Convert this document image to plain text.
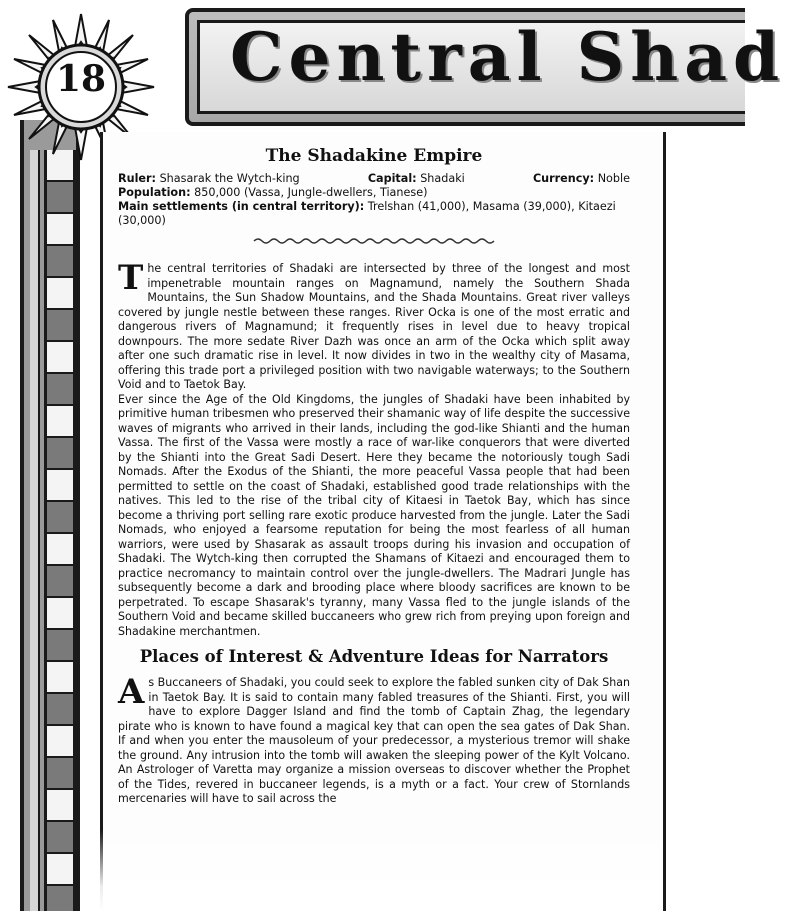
Central Shad
18
The Shadakine Empire
Ruler: Shasarak the Wytch-king	Capital: Shadaki	Currency: Noble
Population: 850,000 (Vassa, Jungle-dwellers, Tianese)
Main settlements (in central territory): Trelshan (41,000), Masama (39,000), Kitaezi (30,000)

The central territories of Shadaki are intersected by three of the longest and most impenetrable mountain ranges on Magnamund, namely the Southern Shada Mountains, the Sun Shadow Mountains, and the Shada Mountains. Great river valleys covered by jungle nestle between these ranges. River Ocka is one of the most erratic and dangerous rivers of Magnamund; it frequently rises in level due to heavy tropical downpours. The more sedate River Dazh was once an arm of the Ocka which split away after one such dramatic rise in level. It now divides in two in the wealthy city of Masama, offering this trade port a privileged position with two navigable waterways; to the Southern Void and to Taetok Bay.

Ever since the Age of the Old Kingdoms, the jungles of Shadaki have been inhabited by primitive human tribesmen who preserved their shamanic way of life despite the successive waves of migrants who arrived in their lands, including the god-like Shianti and the human Vassa. The first of the Vassa were mostly a race of war-like conquerors that were diverted by the Shianti into the Great Sadi Desert. Here they became the notoriously tough Sadi Nomads. After the Exodus of the Shianti, the more peaceful Vassa people that had been permitted to settle on the coast of Shadaki, established good trade relationships with the natives. This led to the rise of the tribal city of Kitaesi in Taetok Bay, which has since become a thriving port selling rare exotic produce harvested from the jungle. Later the Sadi Nomads, who enjoyed a fearsome reputation for being the most fearless of all human warriors, were used by Shasarak as assault troops during his invasion and occupation of Shadaki. The Wytch-king then corrupted the Shamans of Kitaezi and encouraged them to practice necromancy to maintain control over the jungle-dwellers. The Madrari Jungle has subsequently become a dark and brooding place where bloody sacrifices are known to be perpetrated. To escape Shasarak's tyranny, many Vassa fled to the jungle islands of the Southern Void and became skilled buccaneers who grew rich from preying upon foreign and Shadakine merchantmen.

Places of Interest & Adventure Ideas for Narrators

As Buccaneers of Shadaki, you could seek to explore the fabled sunken city of Dak Shan in Taetok Bay. It is said to contain many fabled treasures of the Shianti. First, you will have to explore Dagger Island and find the tomb of Captain Zhag, the legendary pirate who is known to have found a magical key that can open the sea gates of Dak Shan. If and when you enter the mausoleum of your predecessor, a mysterious tremor will shake the ground. Any intrusion into the tomb will awaken the sleeping power of the Kylt Volcano. An Astrologer of Varetta may organize a mission overseas to discover whether the Prophet of the Tides, revered in buccaneer legends, is a myth or a fact. Your crew of Stornlands mercenaries will have to sail across the
